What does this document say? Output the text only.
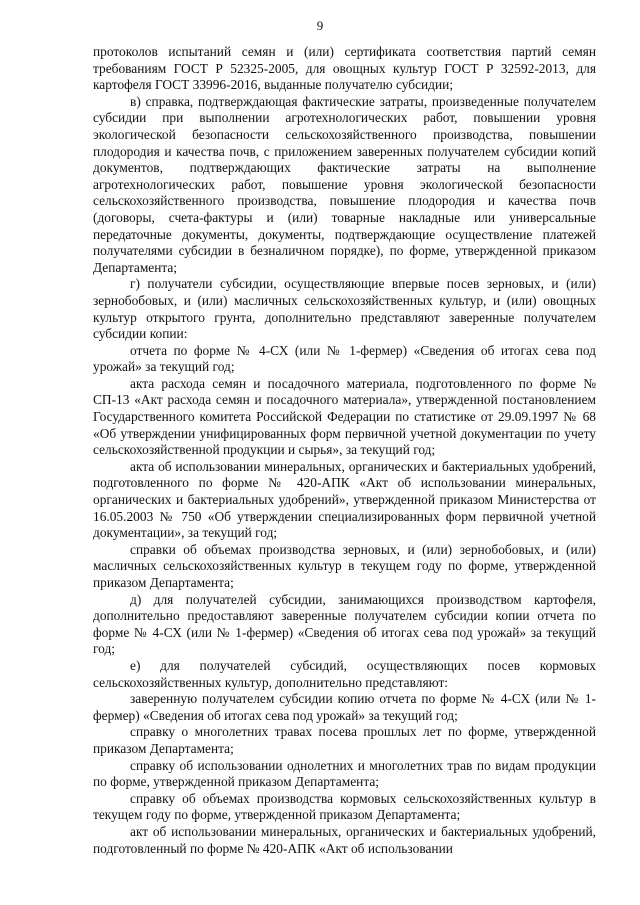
9

протоколов испытаний семян и (или) сертификата соответствия партий семян требованиям ГОСТ Р 52325-2005, для овощных культур ГОСТ Р 32592-2013, для картофеля ГОСТ 33996-2016, выданные получателю субсидии;

в) справка, подтверждающая фактические затраты, произведенные получателем субсидии при выполнении агротехнологических работ, повышении уровня экологической безопасности сельскохозяйственного производства, повышении плодородия и качества почв, с приложением заверенных получателем субсидии копий документов, подтверждающих фактические затраты на выполнение агротехнологических работ, повышение уровня экологической безопасности сельскохозяйственного производства, повышение плодородия и качества почв (договоры, счета-фактуры и (или) товарные накладные или универсальные передаточные документы, документы, подтверждающие осуществление платежей получателями субсидии в безналичном порядке), по форме, утвержденной приказом Департамента;

г) получатели субсидии, осуществляющие впервые посев зерновых, и (или) зернобобовых, и (или) масличных сельскохозяйственных культур, и (или) овощных культур открытого грунта, дополнительно представляют заверенные получателем субсидии копии:

отчета по форме № 4-СХ (или № 1-фермер) «Сведения об итогах сева под урожай» за текущий год;

акта расхода семян и посадочного материала, подготовленного по форме № СП-13 «Акт расхода семян и посадочного материала», утвержденной постановлением Государственного комитета Российской Федерации по статистике от 29.09.1997 № 68 «Об утверждении унифицированных форм первичной учетной документации по учету сельскохозяйственной продукции и сырья», за текущий год;

акта об использовании минеральных, органических и бактериальных удобрений, подготовленного по форме № 420-АПК «Акт об использовании минеральных, органических и бактериальных удобрений», утвержденной приказом Министерства от 16.05.2003 № 750 «Об утверждении специализированных форм первичной учетной документации», за текущий год;

справки об объемах производства зерновых, и (или) зернобобовых, и (или) масличных сельскохозяйственных культур в текущем году по форме, утвержденной приказом Департамента;

д) для получателей субсидии, занимающихся производством картофеля, дополнительно предоставляют заверенные получателем субсидии копии отчета по форме № 4-СХ (или № 1-фермер) «Сведения об итогах сева под урожай» за текущий год;

е) для получателей субсидий, осуществляющих посев кормовых сельскохозяйственных культур, дополнительно представляют:

заверенную получателем субсидии копию отчета по форме № 4-СХ (или № 1-фермер) «Сведения об итогах сева под урожай» за текущий год;

справку о многолетних травах посева прошлых лет по форме, утвержденной приказом Департамента;

справку об использовании однолетних и многолетних трав по видам продукции по форме, утвержденной приказом Департамента;

справку об объемах производства кормовых сельскохозяйственных культур в текущем году по форме, утвержденной приказом Департамента;

акт об использовании минеральных, органических и бактериальных удобрений, подготовленный по форме № 420-АПК «Акт об использовании
